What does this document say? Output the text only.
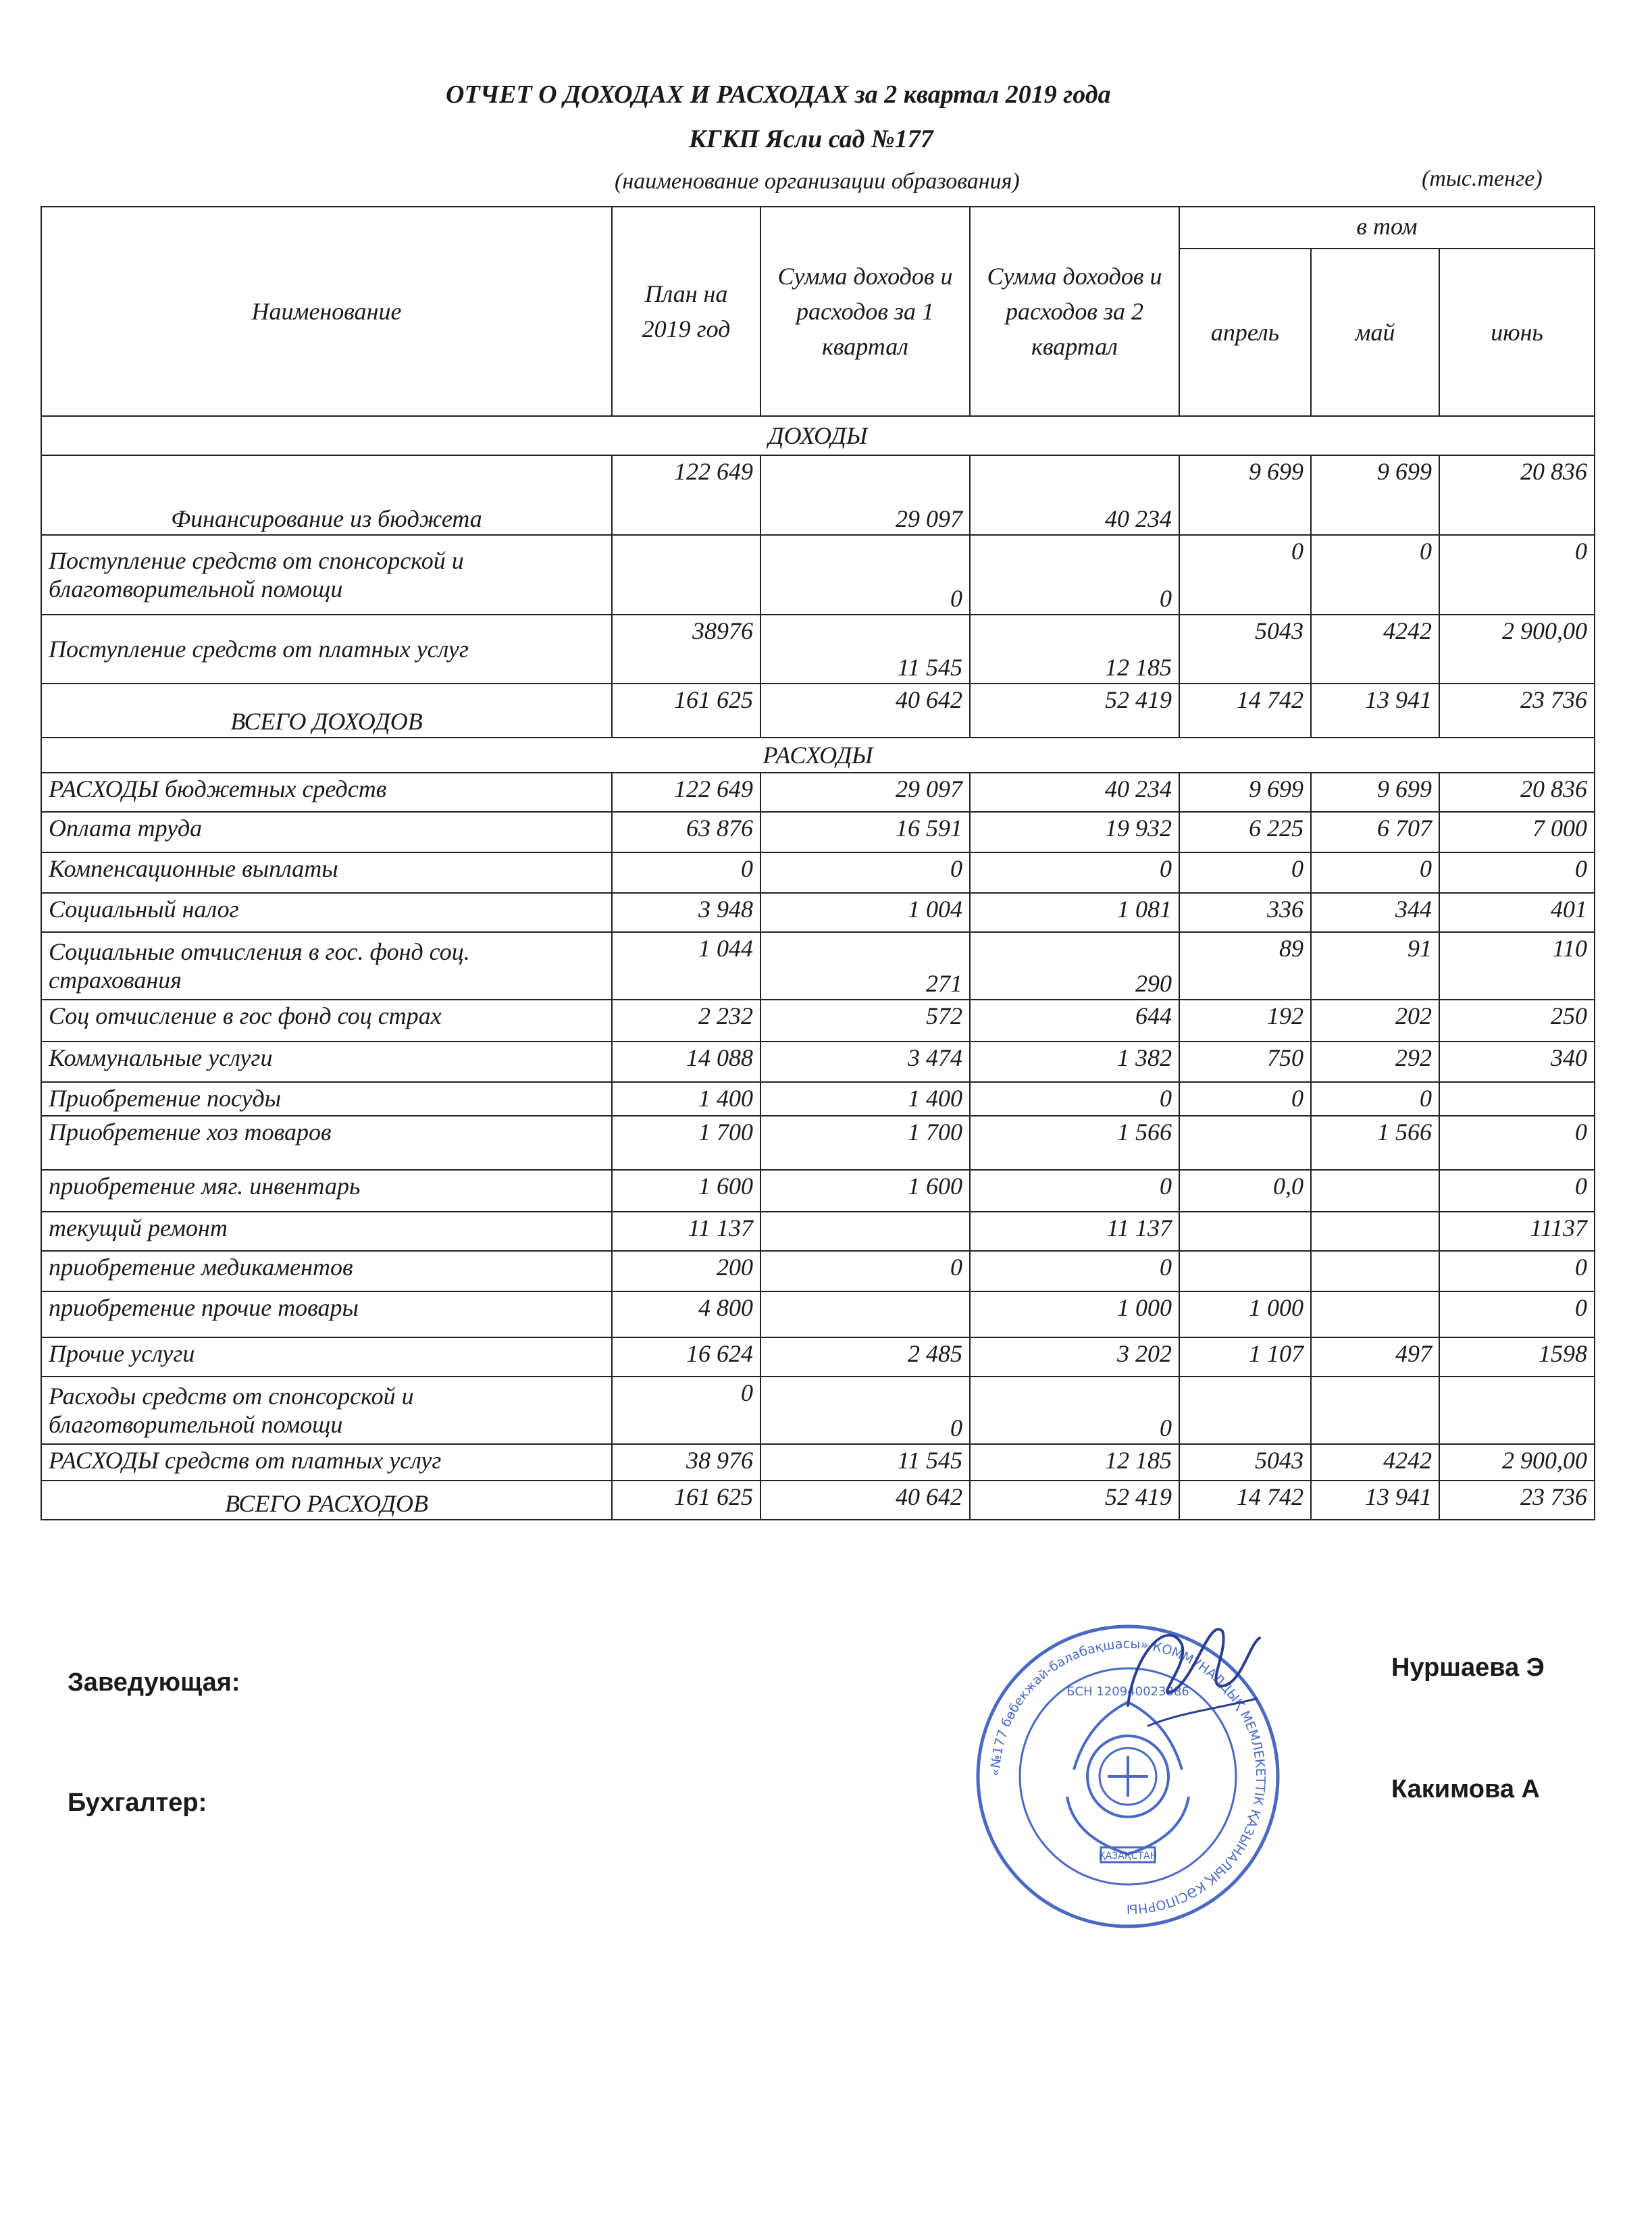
ОТЧЕТ О ДОХОДАХ И РАСХОДАХ за 2 квартал 2019 года
КГКП Ясли сад №177
(наименование организации образования)	(тыс.тенге)
Наименование	План на 2019 год	Сумма доходов и расходов за 1 квартал	Сумма доходов и расходов за 2 квартал	в том		
				апрель	май	июнь
ДОХОДЫ						
Финансирование из бюджета	122 649	29 097	40 234	9 699	9 699	20 836
Поступление средств от спонсорской и благотворительной помощи		0	0	0	0	0
Поступление средств от платных услуг	38976	11 545	12 185	5043	4242	2 900,00
ВСЕГО ДОХОДОВ	161 625	40 642	52 419	14 742	13 941	23 736
РАСХОДЫ						
РАСХОДЫ бюджетных средств	122 649	29 097	40 234	9 699	9 699	20 836
Оплата труда	63 876	16 591	19 932	6 225	6 707	7 000
Компенсационные выплаты	0	0	0	0	0	0
Социальный налог	3 948	1 004	1 081	336	344	401
Социальные отчисления в гос. фонд соц. страхования	1 044	271	290	89	91	110
Соц отчисление в гос фонд соц страх	2 232	572	644	192	202	250
Коммунальные услуги	14 088	3 474	1 382	750	292	340
Приобретение посуды	1 400	1 400	0	0	0	
Приобретение хоз товаров	1 700	1 700	1 566		1 566	0
приобретение мяг. инвентарь	1 600	1 600	0	0,0		0
текущий ремонт	11 137		11 137			11137
приобретение медикаментов	200	0	0			0
приобретение прочие товары	4 800		1 000	1 000		0
Прочие услуги	16 624	2 485	3 202	1 107	497	1598
Расходы средств от спонсорской и благотворительной помощи	0	0	0			
РАСХОДЫ средств от платных услуг	38 976	11 545	12 185	5043	4242	2 900,00
ВСЕГО РАСХОДОВ	161 625	40 642	52 419	14 742	13 941	23 736
Заведующая:
Нуршаева Э
Бухгалтер:	Какимова А
«№177 бөбекжай-балабақшасы» КОММУНАЛДЫҚ МЕМЛЕКЕТТІК ҚАЗЫНАЛЫҚ КӘСІПОРНЫ
БСН 120940023886
ҚАЗАҚСТАН
